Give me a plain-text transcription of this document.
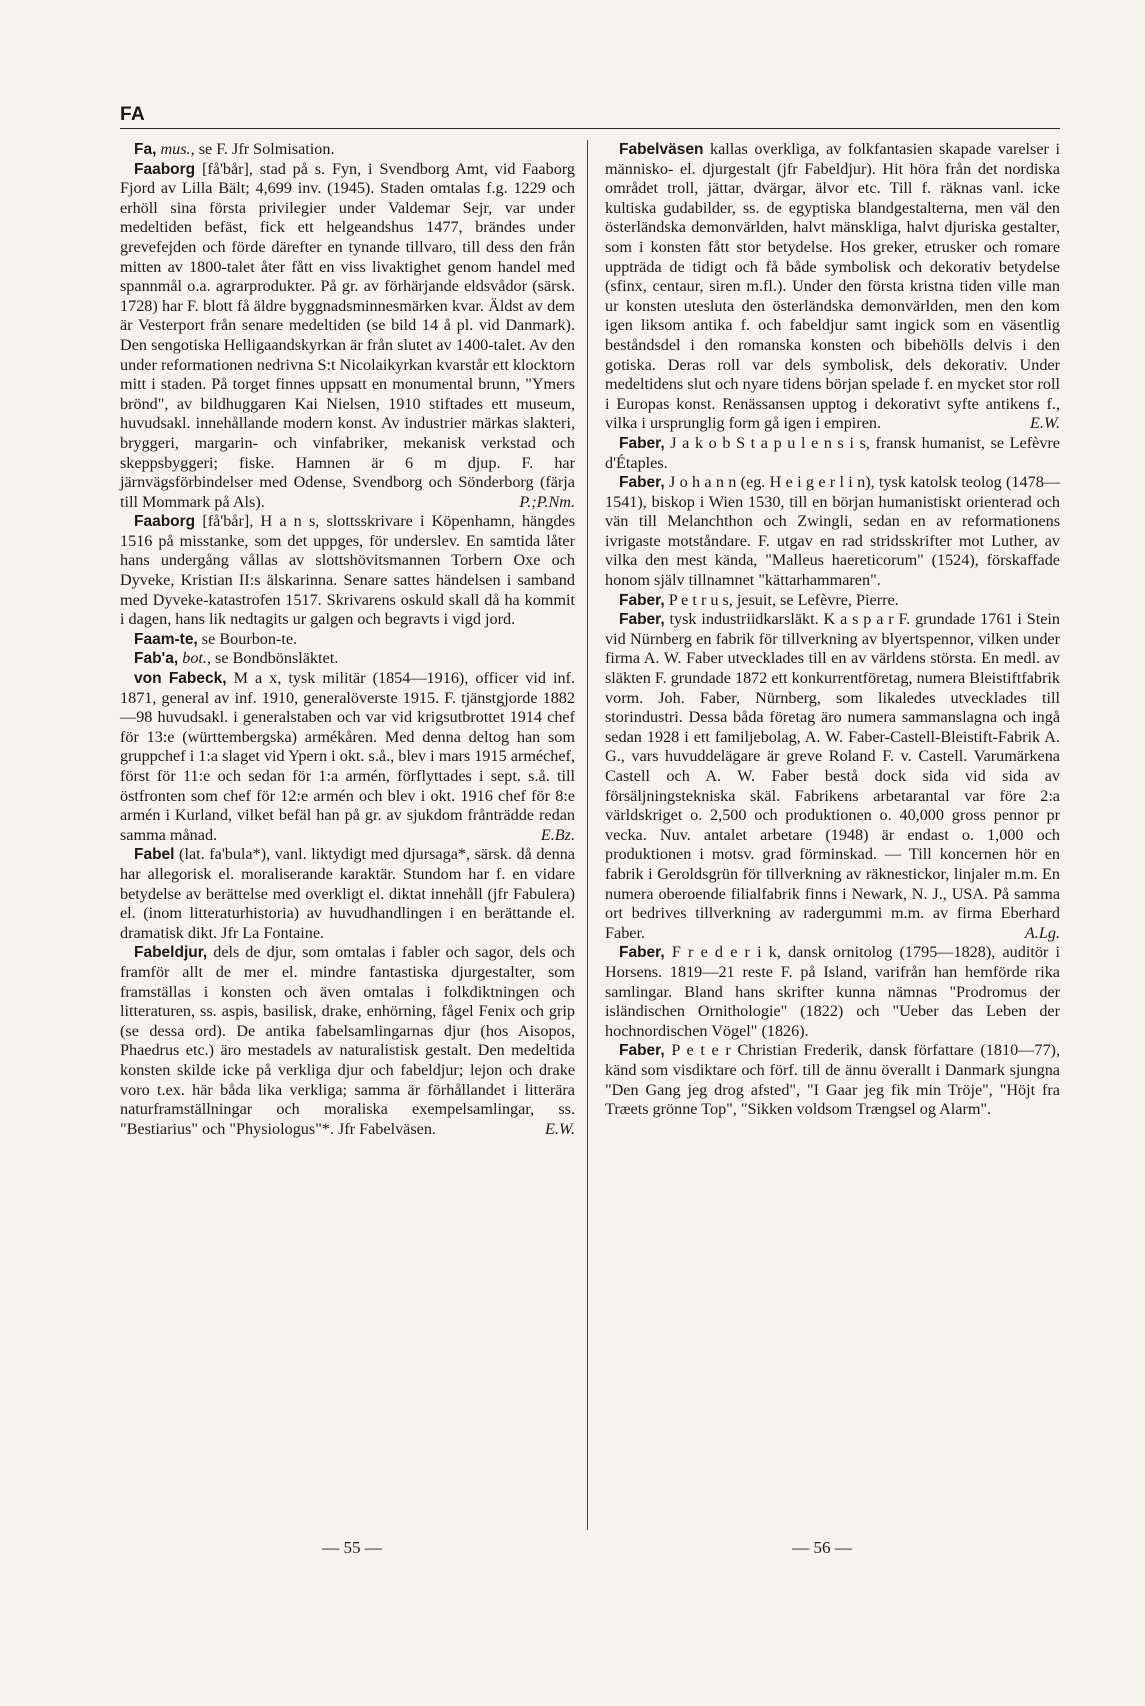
FA

Fa, mus., se F. Jfr Solmisation.

Faaborg [få'bår], stad på s. Fyn, i Svendborg Amt, vid Faaborg Fjord av Lilla Bält; 4,699 inv. (1945). Staden omtalas f.g. 1229 och erhöll sina första privilegier under Valdemar Sejr, var under medeltiden befäst, fick ett helgeandshus 1477, brändes under grevefejden och förde därefter en tynande tillvaro, till dess den från mitten av 1800-talet åter fått en viss livaktighet genom handel med spannmål o.a. agrarprodukter. På gr. av förhärjande eldsvådor (särsk. 1728) har F. blott få äldre byggnadsminnesmärken kvar. Äldst av dem är Vesterport från senare medeltiden (se bild 14 å pl. vid Danmark). Den sengotiska Helligaandskyrkan är från slutet av 1400-talet. Av den under reformationen nedrivna S:t Nicolaikyrkan kvarstår ett klocktorn mitt i staden. På torget finnes uppsatt en monumental brunn, "Ymers brönd", av bildhuggaren Kai Nielsen, 1910 stiftades ett museum, huvudsakl. innehållande modern konst. Av industrier märkas slakteri, bryggeri, margarin- och vinfabriker, mekanisk verkstad och skeppsbyggeri; fiske. Hamnen är 6 m djup. F. har järnvägsförbindelser med Odense, Svendborg och Sönderborg (färja till Mommark på Als).	P.;P.Nm.

Faaborg [få'bår], H a n s, slottsskrivare i Köpenhamn, hängdes 1516 på misstanke, som det uppges, för underslev. En samtida låter hans undergång vållas av slottshövitsmannen Torbern Oxe och Dyveke, Kristian II:s älskarinna. Senare sattes händelsen i samband med Dyveke-katastrofen 1517. Skrivarens oskuld skall då ha kommit i dagen, hans lik nedtagits ur galgen och begravts i vigd jord.

Faam-te, se Bourbon-te.

Fab'a, bot., se Bondbönsläktet.

von Fabeck, M a x, tysk militär (1854—1916), officer vid inf. 1871, general av inf. 1910, generalöverste 1915. F. tjänstgjorde 1882—98 huvudsakl. i generalstaben och var vid krigsutbrottet 1914 chef för 13:e (württembergska) armékåren. Med denna deltog han som gruppchef i 1:a slaget vid Ypern i okt. s.å., blev i mars 1915 arméchef, först för 11:e och sedan för 1:a armén, förflyttades i sept. s.å. till östfronten som chef för 12:e armén och blev i okt. 1916 chef för 8:e armén i Kurland, vilket befäl han på gr. av sjukdom frånträdde redan samma månad.	E.Bz.

Fabel (lat. fa'bula*), vanl. liktydigt med djursaga*, särsk. då denna har allegorisk el. moraliserande karaktär. Stundom har f. en vidare betydelse av berättelse med overkligt el. diktat innehåll (jfr Fabulera) el. (inom litteraturhistoria) av huvudhandlingen i en berättande el. dramatisk dikt. Jfr La Fontaine.

Fabeldjur, dels de djur, som omtalas i fabler och sagor, dels och framför allt de mer el. mindre fantastiska djurgestalter, som framställas i konsten och även omtalas i folkdiktningen och litteraturen, ss. aspis, basilisk, drake, enhörning, fågel Fenix och grip (se dessa ord). De antika fabelsamlingarnas djur (hos Aisopos, Phaedrus etc.) äro mestadels av naturalistisk gestalt. Den medeltida konsten skilde icke på verkliga djur och fabeldjur; lejon och drake voro t.ex. här båda lika verkliga; samma är förhållandet i litterära naturframställningar och moraliska exempelsamlingar, ss. "Bestiarius" och "Physiologus"*. Jfr Fabelväsen.	E.W.

Fabelväsen kallas overkliga, av folkfantasien skapade varelser i människo- el. djurgestalt (jfr Fabeldjur). Hit höra från det nordiska området troll, jättar, dvärgar, älvor etc. Till f. räknas vanl. icke kultiska gudabilder, ss. de egyptiska blandgestalterna, men väl den österländska demonvärlden, halvt mänskliga, halvt djuriska gestalter, som i konsten fått stor betydelse. Hos greker, etrusker och romare uppträda de tidigt och få både symbolisk och dekorativ betydelse (sfinx, centaur, siren m.fl.). Under den första kristna tiden ville man ur konsten utesluta den österländska demonvärlden, men den kom igen liksom antika f. och fabeldjur samt ingick som en väsentlig beståndsdel i den romanska konsten och bibehölls delvis i den gotiska. Deras roll var dels symbolisk, dels dekorativ. Under medeltidens slut och nyare tidens början spelade f. en mycket stor roll i Europas konst. Renässansen upptog i dekorativt syfte antikens f., vilka i ursprunglig form gå igen i empiren.	E.W.

Faber, J a k o b S t a p u l e n s i s, fransk humanist, se Lefèvre d'Étaples.

Faber, J o h a n n (eg. H e i g e r l i n), tysk katolsk teolog (1478—1541), biskop i Wien 1530, till en början humanistiskt orienterad och vän till Melanchthon och Zwingli, sedan en av reformationens ivrigaste motståndare. F. utgav en rad stridsskrifter mot Luther, av vilka den mest kända, "Malleus haereticorum" (1524), förskaffade honom själv tillnamnet "kättarhammaren".

Faber, P e t r u s, jesuit, se Lefèvre, Pierre.

Faber, tysk industriidkarsläkt. K a s p a r F. grundade 1761 i Stein vid Nürnberg en fabrik för tillverkning av blyertspennor, vilken under firma A. W. Faber utvecklades till en av världens största. En medl. av släkten F. grundade 1872 ett konkurrentföretag, numera Bleistiftfabrik vorm. Joh. Faber, Nürnberg, som likaledes utvecklades till storindustri. Dessa båda företag äro numera sammanslagna och ingå sedan 1928 i ett familjebolag, A. W. Faber-Castell-Bleistift-Fabrik A. G., vars huvuddelägare är greve Roland F. v. Castell. Varumärkena Castell och A. W. Faber bestå dock sida vid sida av försäljningstekniska skäl. Fabrikens arbetarantal var före 2:a världskriget o. 2,500 och produktionen o. 40,000 gross pennor pr vecka. Nuv. antalet arbetare (1948) är endast o. 1,000 och produktionen i motsv. grad förminskad. — Till koncernen hör en fabrik i Geroldsgrün för tillverkning av räknestickor, linjaler m.m. En numera oberoende filialfabrik finns i Newark, N. J., USA. På samma ort bedrives tillverkning av radergummi m.m. av firma Eberhard Faber.	A.Lg.

Faber, F r e d e r i k, dansk ornitolog (1795—1828), auditör i Horsens. 1819—21 reste F. på Island, varifrån han hemförde rika samlingar. Bland hans skrifter kunna nämnas "Prodromus der isländischen Ornithologie" (1822) och "Ueber das Leben der hochnordischen Vögel" (1826).

Faber, P e t e r Christian Frederik, dansk författare (1810—77), känd som visdiktare och förf. till de ännu överallt i Danmark sjungna "Den Gang jeg drog afsted", "I Gaar jeg fik min Tröje", "Höjt fra Træets grönne Top", "Sikken voldsom Trængsel og Alarm".

— 55 —	— 56 —
